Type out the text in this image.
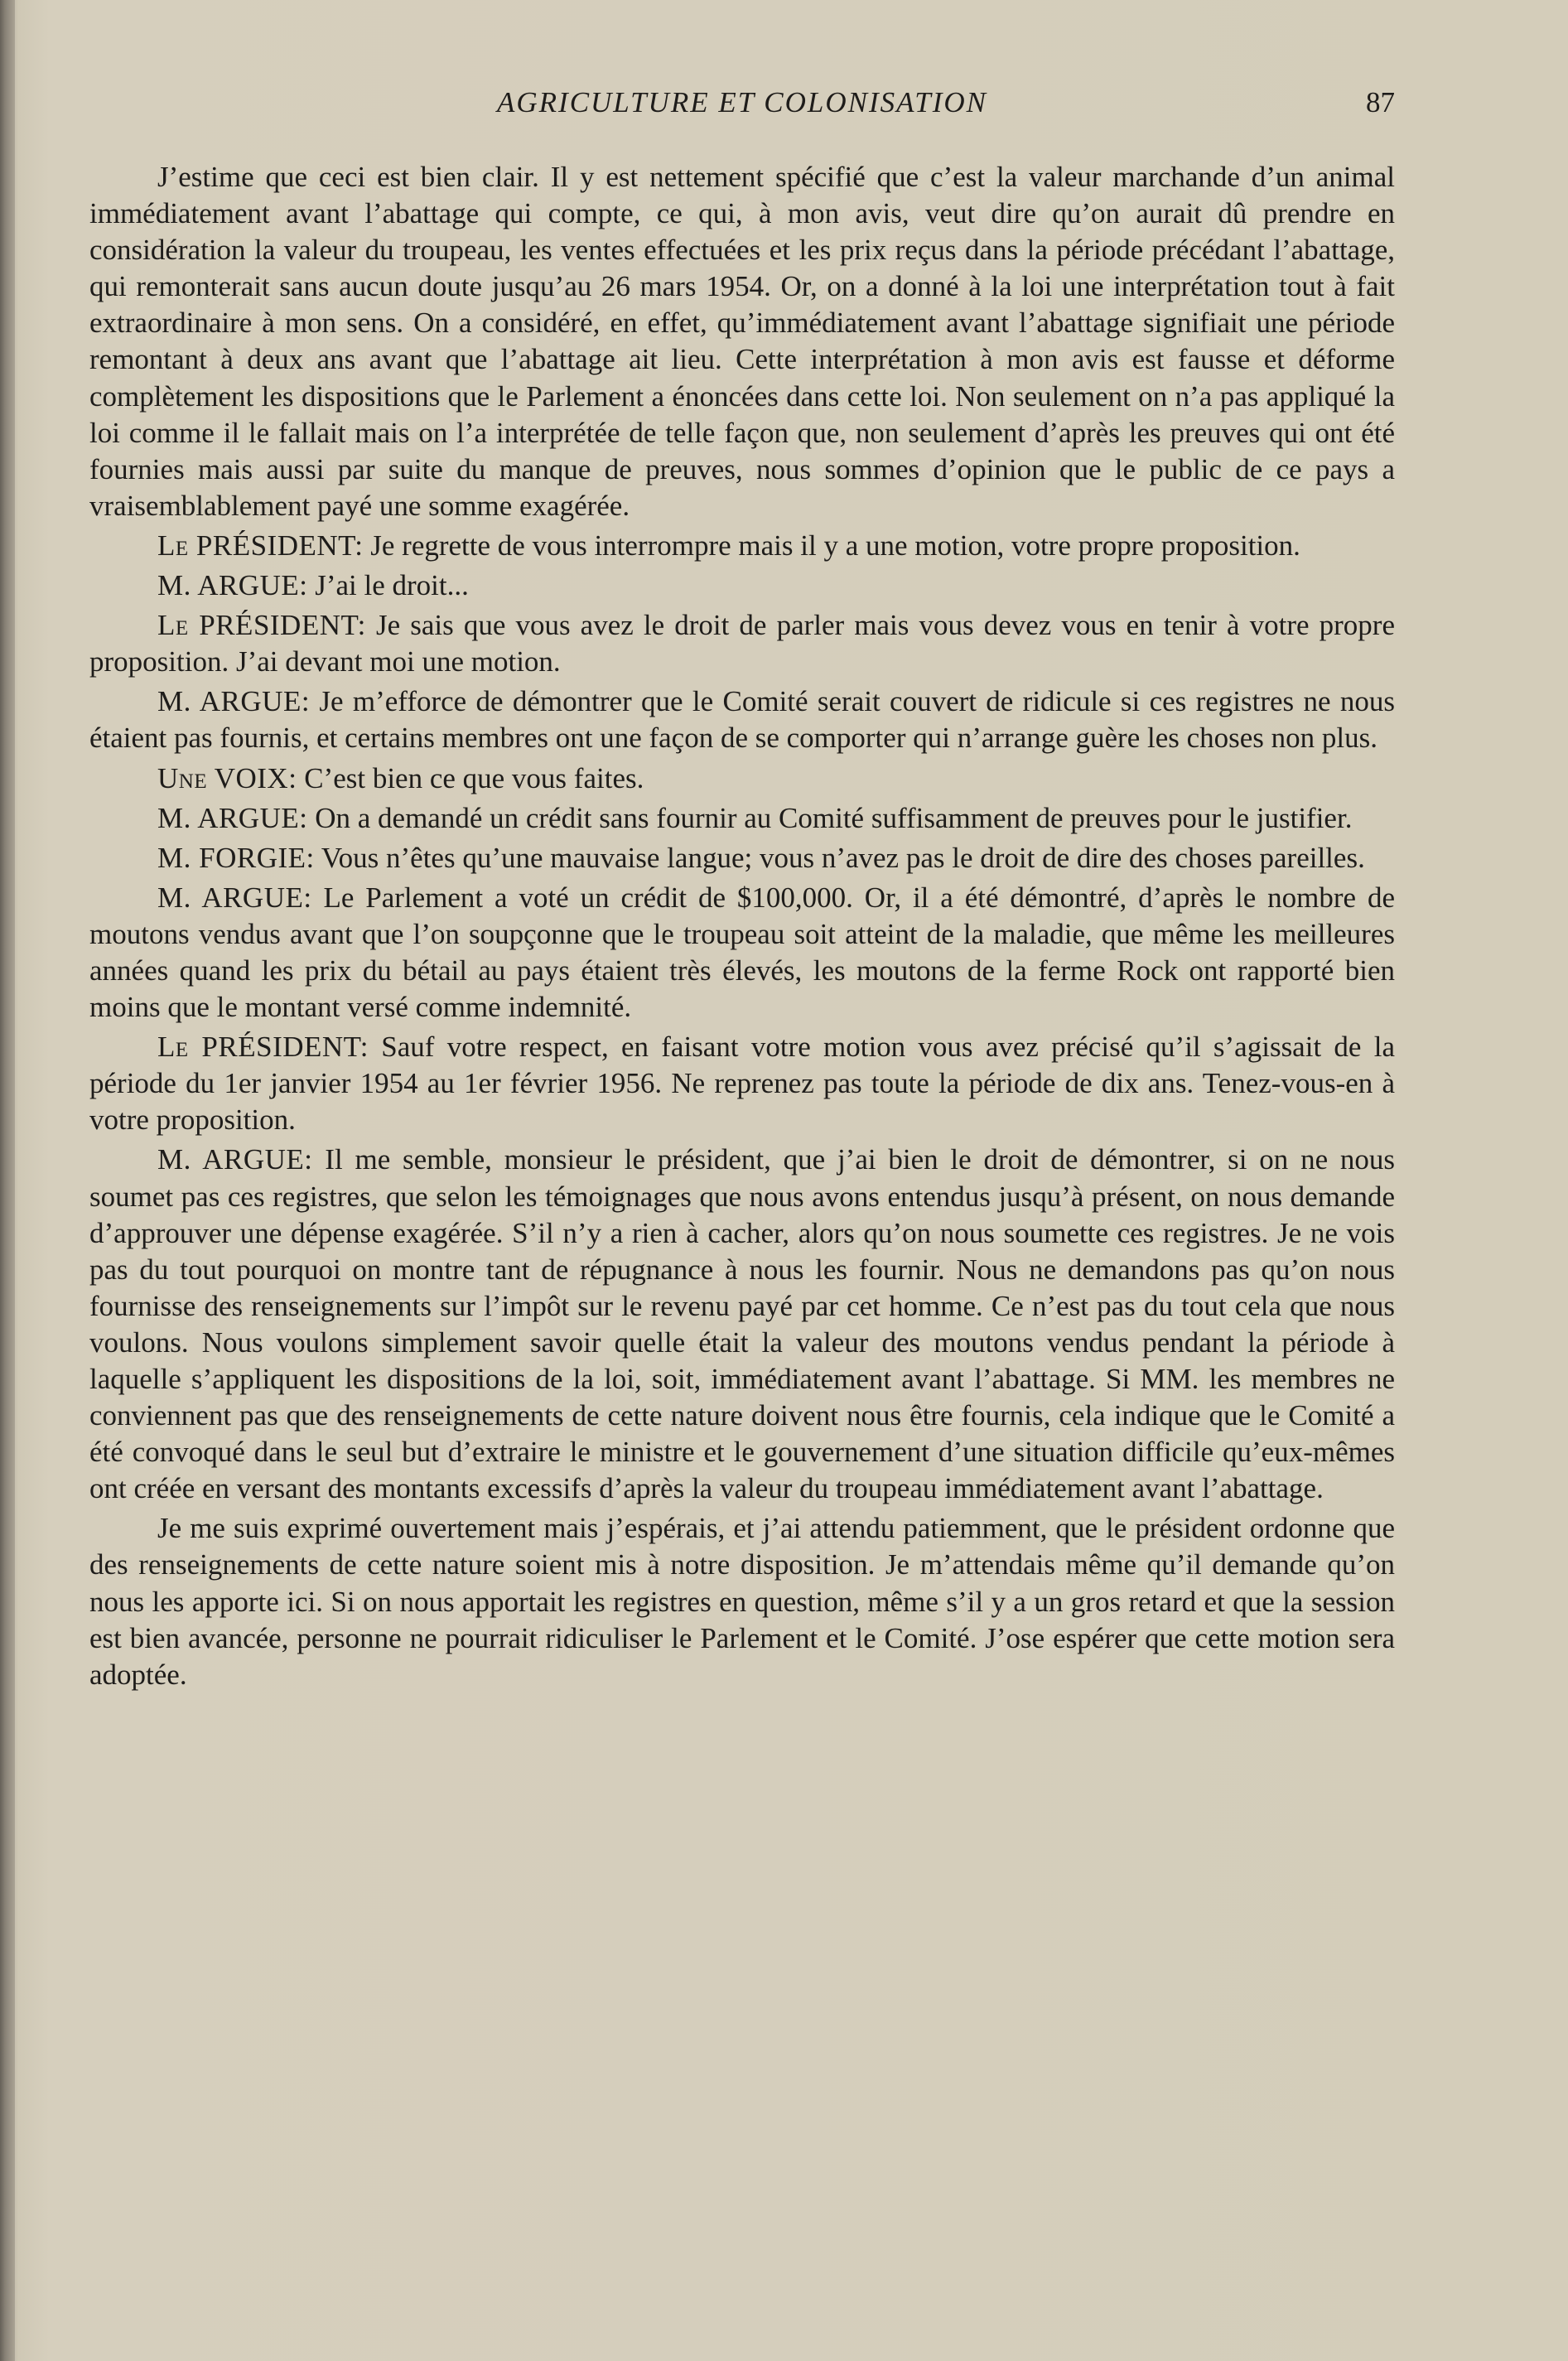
AGRICULTURE ET COLONISATION	87

J’estime que ceci est bien clair. Il y est nettement spécifié que c’est la valeur marchande d’un animal immédiatement avant l’abattage qui compte, ce qui, à mon avis, veut dire qu’on aurait dû prendre en considération la valeur du troupeau, les ventes effectuées et les prix reçus dans la période précédant l’abattage, qui remonterait sans aucun doute jusqu’au 26 mars 1954. Or, on a donné à la loi une interprétation tout à fait extraordinaire à mon sens. On a considéré, en effet, qu’immédiatement avant l’abattage signifiait une période remontant à deux ans avant que l’abattage ait lieu. Cette interprétation à mon avis est fausse et déforme complètement les dispositions que le Parlement a énoncées dans cette loi. Non seulement on n’a pas appliqué la loi comme il le fallait mais on l’a interprétée de telle façon que, non seulement d’après les preuves qui ont été fournies mais aussi par suite du manque de preuves, nous sommes d’opinion que le public de ce pays a vraisemblablement payé une somme exagérée.

Le PRÉSIDENT: Je regrette de vous interrompre mais il y a une motion, votre propre proposition.

M. ARGUE: J’ai le droit...

Le PRÉSIDENT: Je sais que vous avez le droit de parler mais vous devez vous en tenir à votre propre proposition. J’ai devant moi une motion.

M. ARGUE: Je m’efforce de démontrer que le Comité serait couvert de ridicule si ces registres ne nous étaient pas fournis, et certains membres ont une façon de se comporter qui n’arrange guère les choses non plus.

Une VOIX: C’est bien ce que vous faites.

M. ARGUE: On a demandé un crédit sans fournir au Comité suffisamment de preuves pour le justifier.

M. FORGIE: Vous n’êtes qu’une mauvaise langue; vous n’avez pas le droit de dire des choses pareilles.

M. ARGUE: Le Parlement a voté un crédit de $100,000. Or, il a été démontré, d’après le nombre de moutons vendus avant que l’on soupçonne que le troupeau soit atteint de la maladie, que même les meilleures années quand les prix du bétail au pays étaient très élevés, les moutons de la ferme Rock ont rapporté bien moins que le montant versé comme indemnité.

Le PRÉSIDENT: Sauf votre respect, en faisant votre motion vous avez précisé qu’il s’agissait de la période du 1er janvier 1954 au 1er février 1956. Ne reprenez pas toute la période de dix ans. Tenez-vous-en à votre proposition.

M. ARGUE: Il me semble, monsieur le président, que j’ai bien le droit de démontrer, si on ne nous soumet pas ces registres, que selon les témoignages que nous avons entendus jusqu’à présent, on nous demande d’approuver une dépense exagérée. S’il n’y a rien à cacher, alors qu’on nous soumette ces registres. Je ne vois pas du tout pourquoi on montre tant de répugnance à nous les fournir. Nous ne demandons pas qu’on nous fournisse des renseignements sur l’impôt sur le revenu payé par cet homme. Ce n’est pas du tout cela que nous voulons. Nous voulons simplement savoir quelle était la valeur des moutons vendus pendant la période à laquelle s’appliquent les dispositions de la loi, soit, immédiatement avant l’abattage. Si MM. les membres ne conviennent pas que des renseignements de cette nature doivent nous être fournis, cela indique que le Comité a été convoqué dans le seul but d’extraire le ministre et le gouvernement d’une situation difficile qu’eux-mêmes ont créée en versant des montants excessifs d’après la valeur du troupeau immédiatement avant l’abattage.

Je me suis exprimé ouvertement mais j’espérais, et j’ai attendu patiemment, que le président ordonne que des renseignements de cette nature soient mis à notre disposition. Je m’attendais même qu’il demande qu’on nous les apporte ici. Si on nous apportait les registres en question, même s’il y a un gros retard et que la session est bien avancée, personne ne pourrait ridiculiser le Parlement et le Comité. J’ose espérer que cette motion sera adoptée.
